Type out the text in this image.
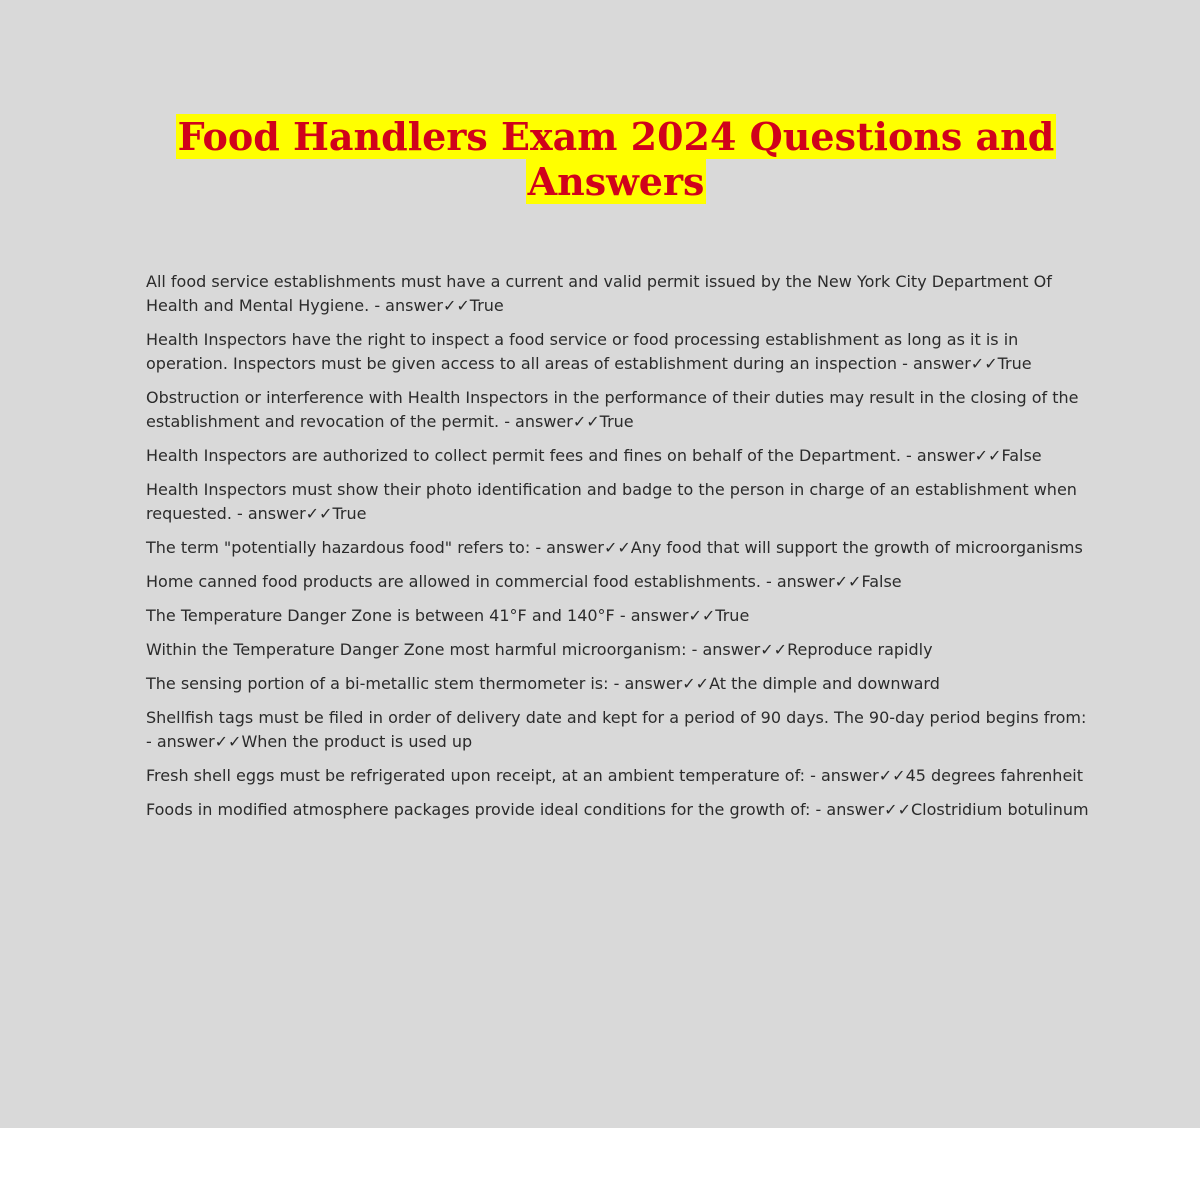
Food Handlers Exam 2024 Questions and
Answers

All food service establishments must have a current and valid permit issued by the New York City Department Of Health and Mental Hygiene. - answer✓✓True

Health Inspectors have the right to inspect a food service or food processing establishment as long as it is in operation. Inspectors must be given access to all areas of establishment during an inspection - answer✓✓True

Obstruction or interference with Health Inspectors in the performance of their duties may result in the closing of the establishment and revocation of the permit. - answer✓✓True

Health Inspectors are authorized to collect permit fees and fines on behalf of the Department. - answer✓✓False

Health Inspectors must show their photo identification and badge to the person in charge of an establishment when requested. - answer✓✓True

The term "potentially hazardous food" refers to: - answer✓✓Any food that will support the growth of microorganisms

Home canned food products are allowed in commercial food establishments. - answer✓✓False

The Temperature Danger Zone is between 41°F and 140°F - answer✓✓True

Within the Temperature Danger Zone most harmful microorganism: - answer✓✓Reproduce rapidly

The sensing portion of a bi-metallic stem thermometer is: - answer✓✓At the dimple and downward

Shellfish tags must be filed in order of delivery date and kept for a period of 90 days. The 90-day period begins from: - answer✓✓When the product is used up

Fresh shell eggs must be refrigerated upon receipt, at an ambient temperature of: - answer✓✓45 degrees fahrenheit

Foods in modified atmosphere packages provide ideal conditions for the growth of: - answer✓✓Clostridium botulinum
